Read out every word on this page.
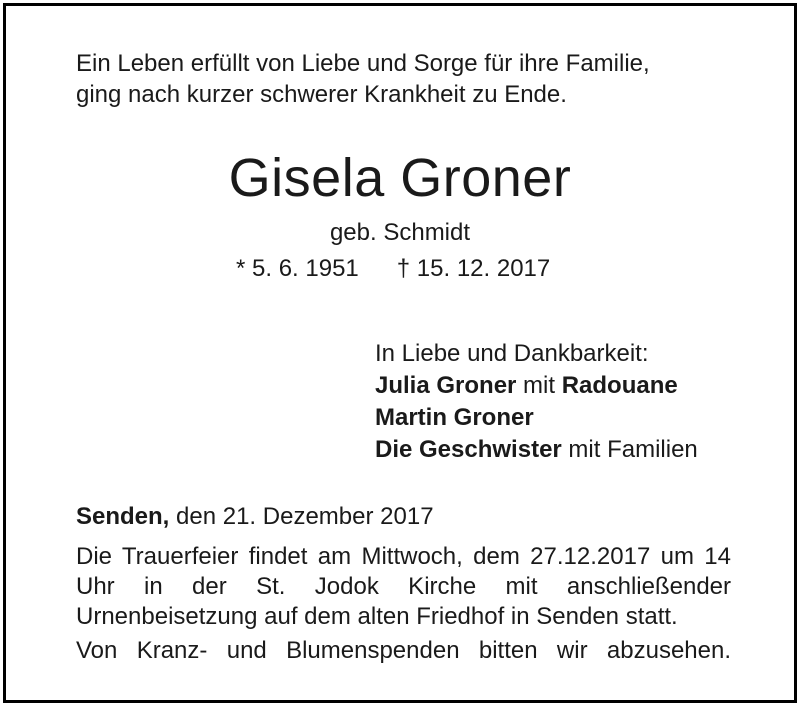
Ein Leben erfüllt von Liebe und Sorge für ihre Familie,
ging nach kurzer schwerer Krankheit zu Ende.
Gisela Groner
geb. Schmidt
* 5. 6. 1951 † 15. 12. 2017
In Liebe und Dankbarkeit:
Julia Groner mit Radouane
Martin Groner
Die Geschwister mit Familien
Senden, den 21. Dezember 2017
Die Trauerfeier findet am Mittwoch, dem 27.12.2017 um 14 Uhr in der St. Jodok Kirche mit anschließender Urnenbeisetzung auf dem alten Friedhof in Senden statt.
Von Kranz- und Blumenspenden bitten wir abzusehen.
